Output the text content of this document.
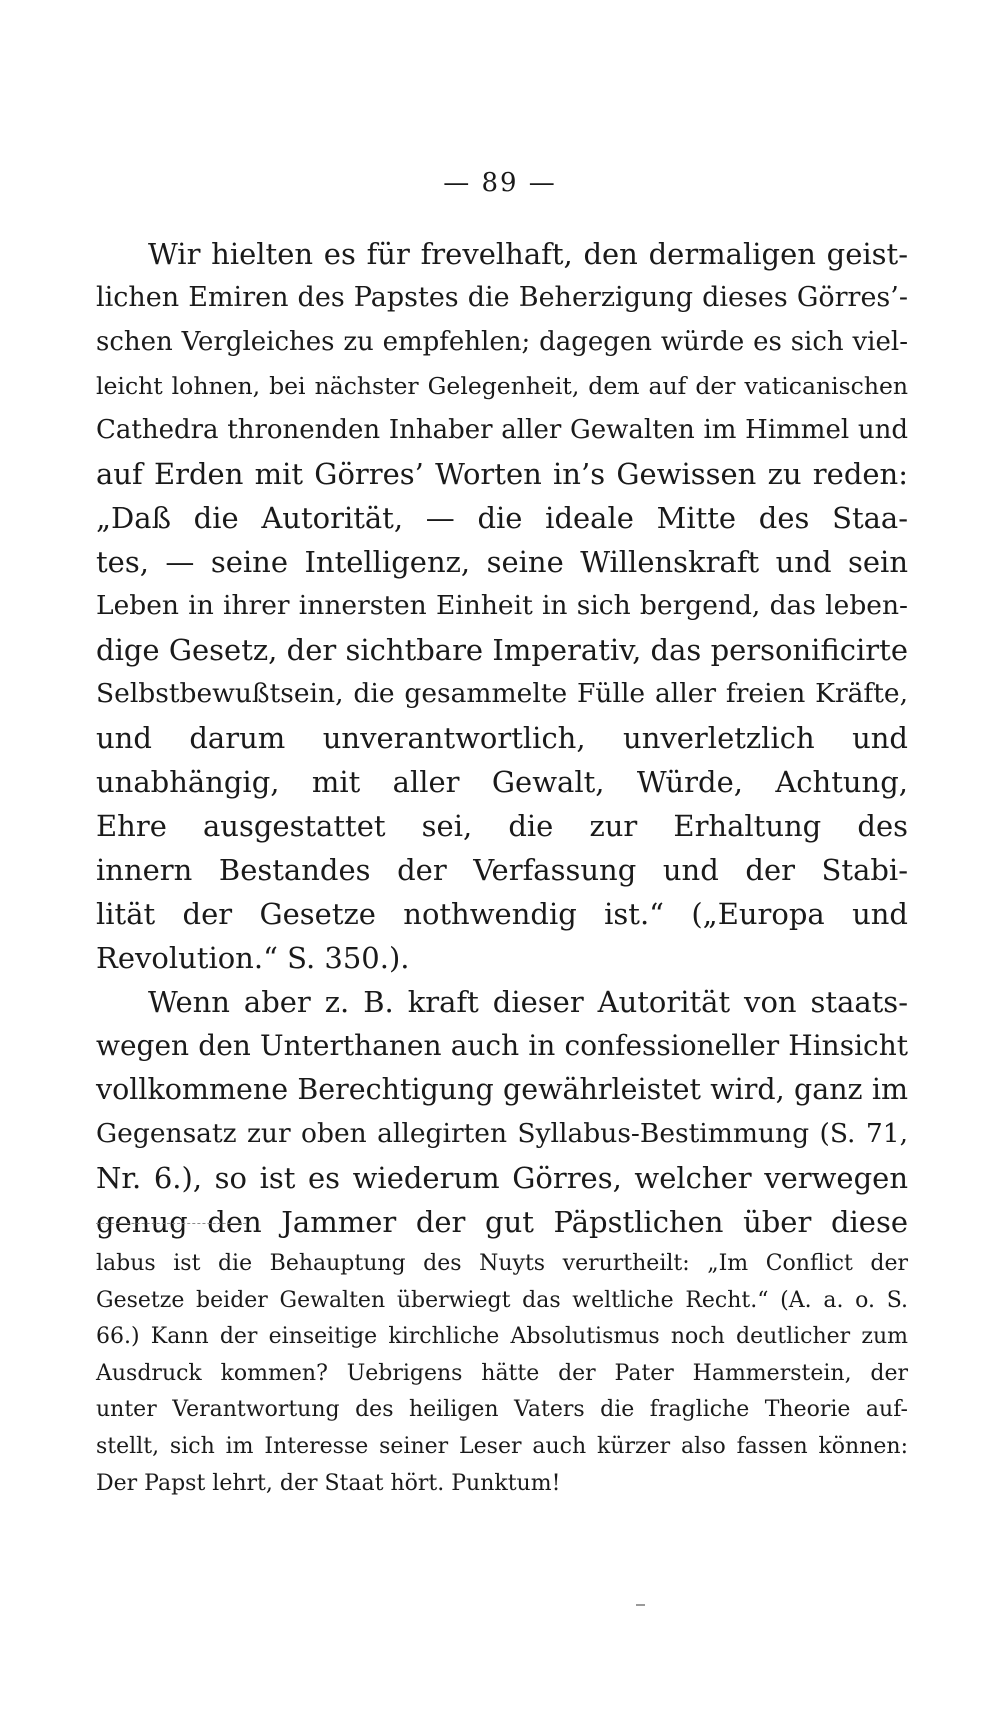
— 89 —
Wir hielten es für frevelhaft, den dermaligen geist-
lichen Emiren des Papstes die Beherzigung dieses Görres’-
schen Vergleiches zu empfehlen; dagegen würde es sich viel-
leicht lohnen, bei nächster Gelegenheit, dem auf der vaticanischen
Cathedra thronenden Inhaber aller Gewalten im Himmel und
auf Erden mit Görres’ Worten in’s Gewissen zu reden:
„Daß die Autorität, — die ideale Mitte des Staa-
tes, — seine Intelligenz, seine Willenskraft und sein
Leben in ihrer innersten Einheit in sich bergend, das leben-
dige Gesetz, der sichtbare Imperativ, das personificirte
Selbstbewußtsein, die gesammelte Fülle aller freien Kräfte,
und darum unverantwortlich, unverletzlich und
unabhängig, mit aller Gewalt, Würde, Achtung,
Ehre ausgestattet sei, die zur Erhaltung des
innern Bestandes der Verfassung und der Stabi-
lität der Gesetze nothwendig ist.“ („Europa und
Revolution.“ S. 350.).
Wenn aber z. B. kraft dieser Autorität von staats-
wegen den Unterthanen auch in confessioneller Hinsicht
vollkommene Berechtigung gewährleistet wird, ganz im
Gegensatz zur oben allegirten Syllabus-Bestimmung (S. 71,
Nr. 6.), so ist es wiederum Görres, welcher verwegen
genug den Jammer der gut Päpstlichen über diese
labus ist die Behauptung des Nuyts verurtheilt: „Im Conflict der
Gesetze beider Gewalten überwiegt das weltliche Recht.“ (A. a. o. S.
66.) Kann der einseitige kirchliche Absolutismus noch deutlicher zum
Ausdruck kommen? Uebrigens hätte der Pater Hammerstein, der
unter Verantwortung des heiligen Vaters die fragliche Theorie auf-
stellt, sich im Interesse seiner Leser auch kürzer also fassen können:
Der Papst lehrt, der Staat hört. Punktum!
